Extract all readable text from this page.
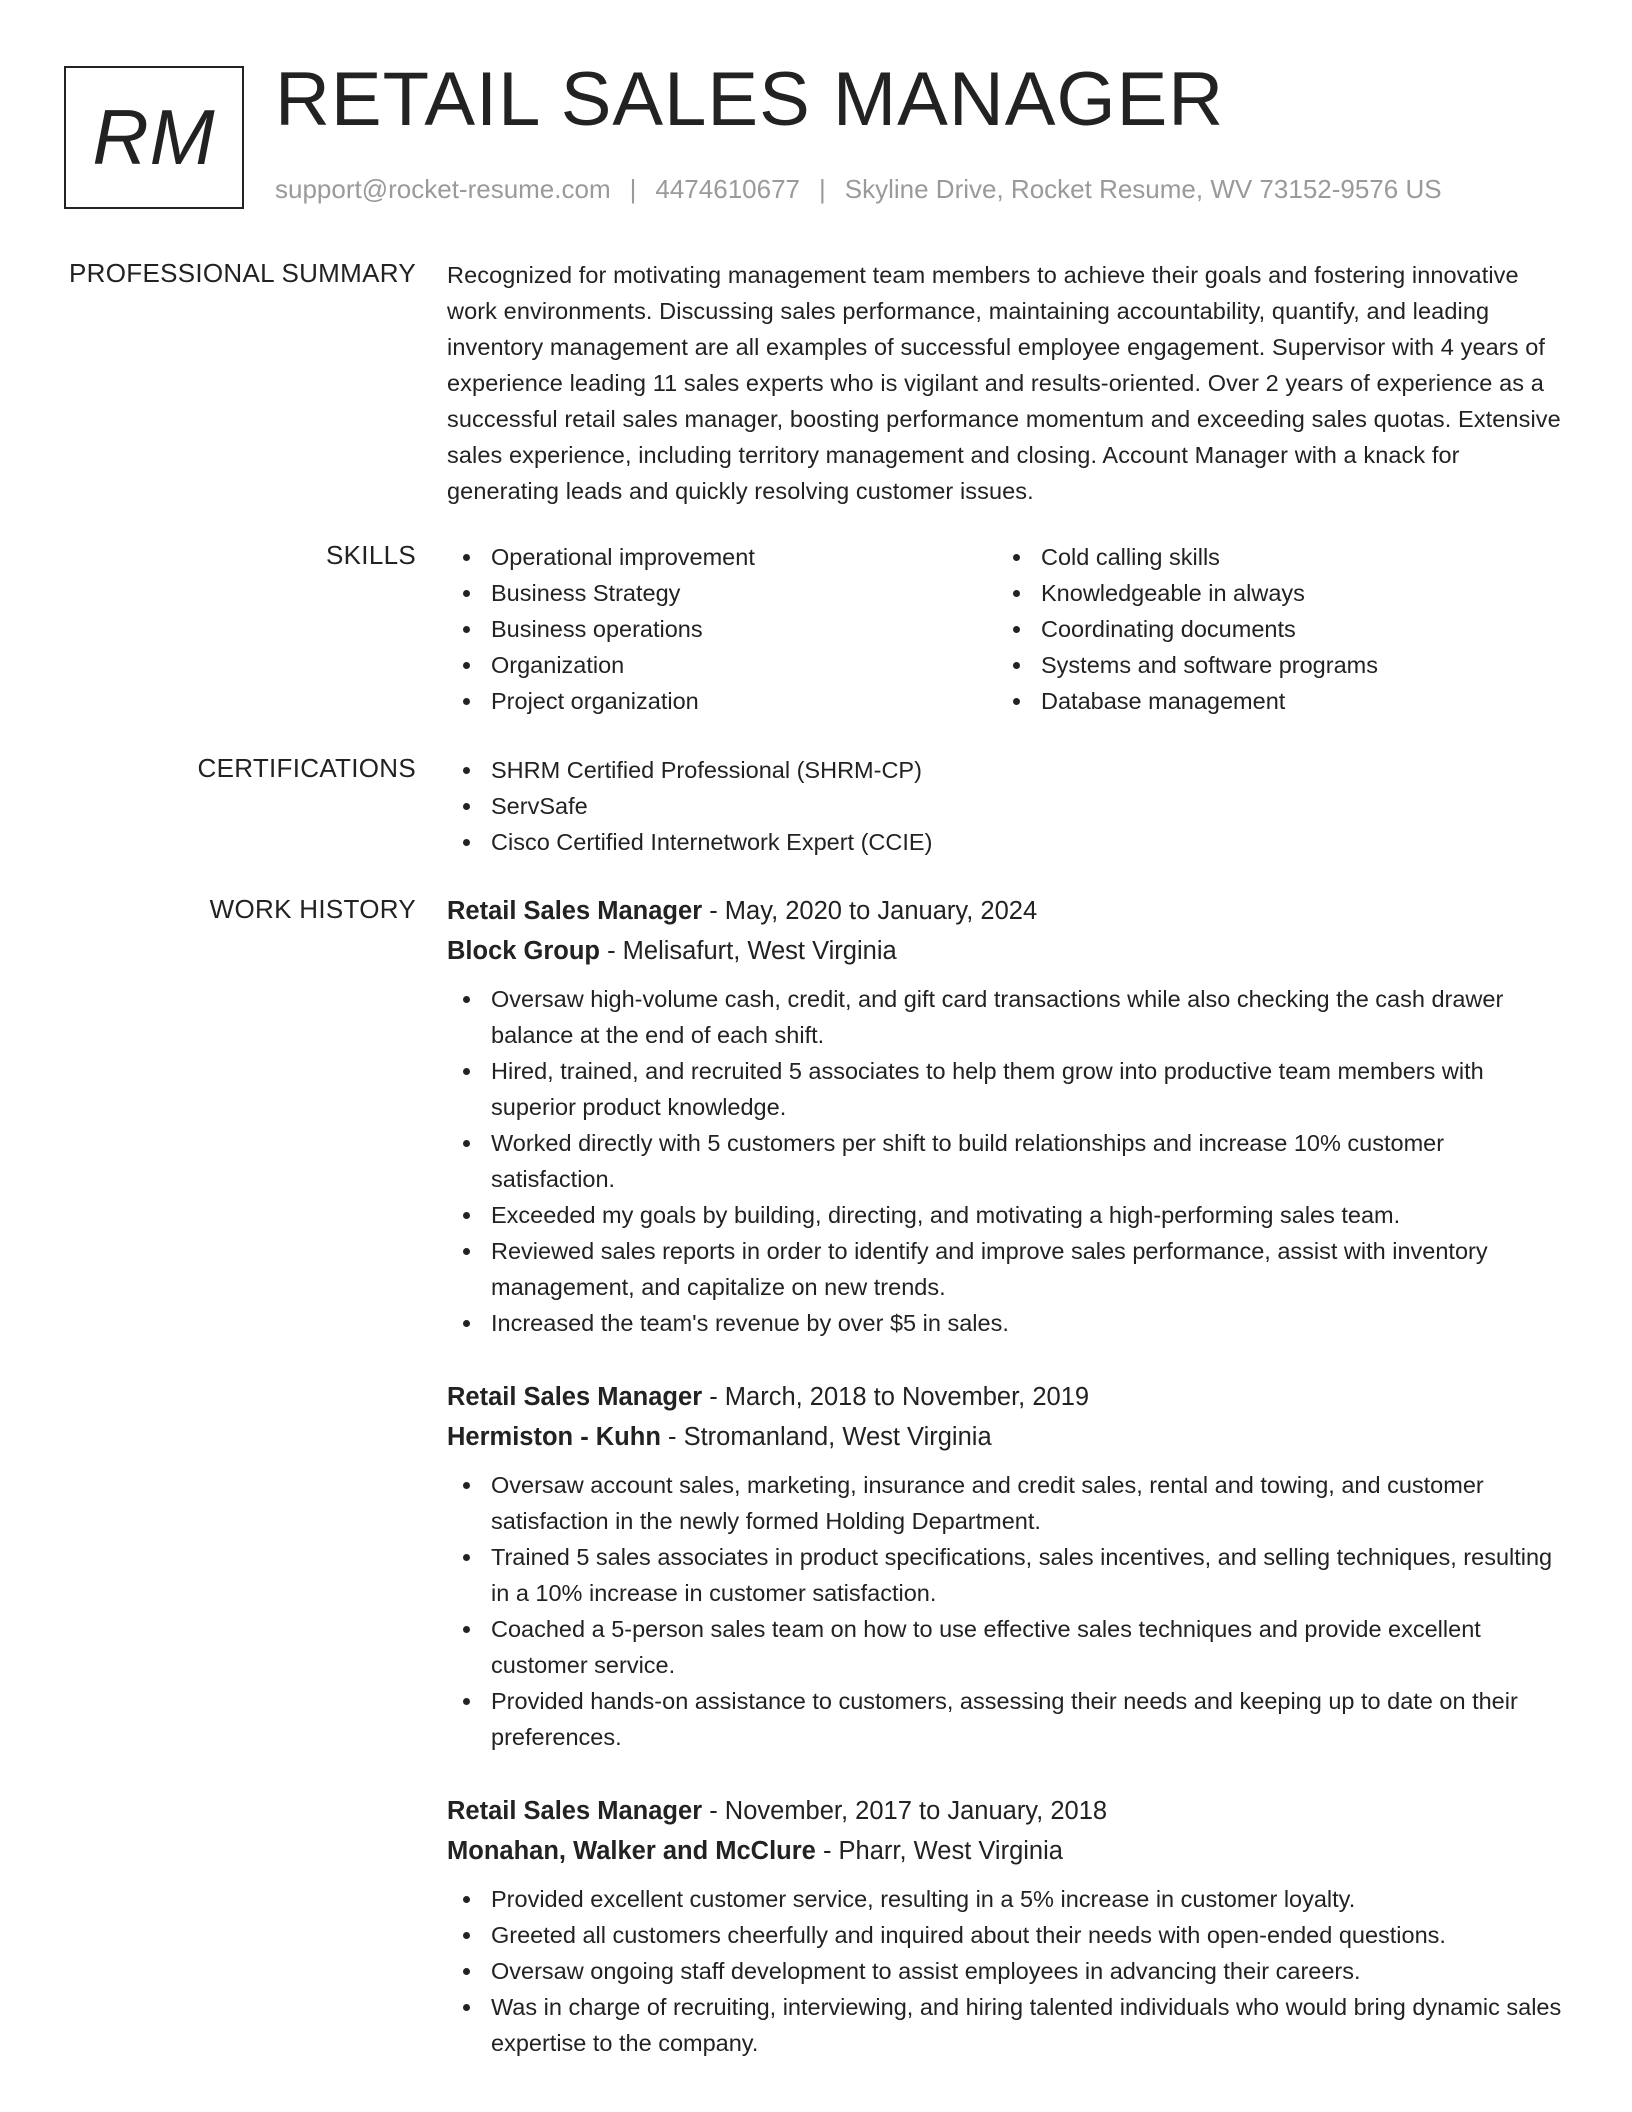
RM RETAIL SALES MANAGER
support@rocket-resume.com | 4474610677 | Skyline Drive, Rocket Resume, WV 73152-9576 US
PROFESSIONAL SUMMARY Recognized for motivating management team members to achieve their goals and fostering innovative work environments. Discussing sales performance, maintaining accountability, quantify, and leading inventory management are all examples of successful employee engagement. Supervisor with 4 years of experience leading 11 sales experts who is vigilant and results-oriented. Over 2 years of experience as a successful retail sales manager, boosting performance momentum and exceeding sales quotas. Extensive sales experience, including territory management and closing. Account Manager with a knack for generating leads and quickly resolving customer issues.

SKILLS	Operational improvement
Business Strategy
Business operations
Organization
Project organization
Cold calling skills
Knowledgeable in always
Coordinating documents
Systems and software programs
Database management
CERTIFICATIONS	SHRM Certified Professional (SHRM-CP)
ServSafe
Cisco Certified Internetwork Expert (CCIE)
WORK HISTORY Retail Sales Manager - May, 2020 to January, 2024
Block Group - Melisafurt, West Virginia
Oversaw high-volume cash, credit, and gift card transactions while also checking the cash drawer balance at the end of each shift.
Hired, trained, and recruited 5 associates to help them grow into productive team members with superior product knowledge.
Worked directly with 5 customers per shift to build relationships and increase 10% customer satisfaction.
Exceeded my goals by building, directing, and motivating a high-performing sales team.
Reviewed sales reports in order to identify and improve sales performance, assist with inventory management, and capitalize on new trends.
Increased the team's revenue by over $5 in sales.
Retail Sales Manager - March, 2018 to November, 2019
Hermiston - Kuhn - Stromanland, West Virginia
Oversaw account sales, marketing, insurance and credit sales, rental and towing, and customer satisfaction in the newly formed Holding Department.
Trained 5 sales associates in product specifications, sales incentives, and selling techniques, resulting in a 10% increase in customer satisfaction.
Coached a 5-person sales team on how to use effective sales techniques and provide excellent customer service.
Provided hands-on assistance to customers, assessing their needs and keeping up to date on their preferences.
Retail Sales Manager - November, 2017 to January, 2018
Monahan, Walker and McClure - Pharr, West Virginia
Provided excellent customer service, resulting in a 5% increase in customer loyalty.
Greeted all customers cheerfully and inquired about their needs with open-ended questions.
Oversaw ongoing staff development to assist employees in advancing their careers.
Was in charge of recruiting, interviewing, and hiring talented individuals who would bring dynamic sales expertise to the company.
